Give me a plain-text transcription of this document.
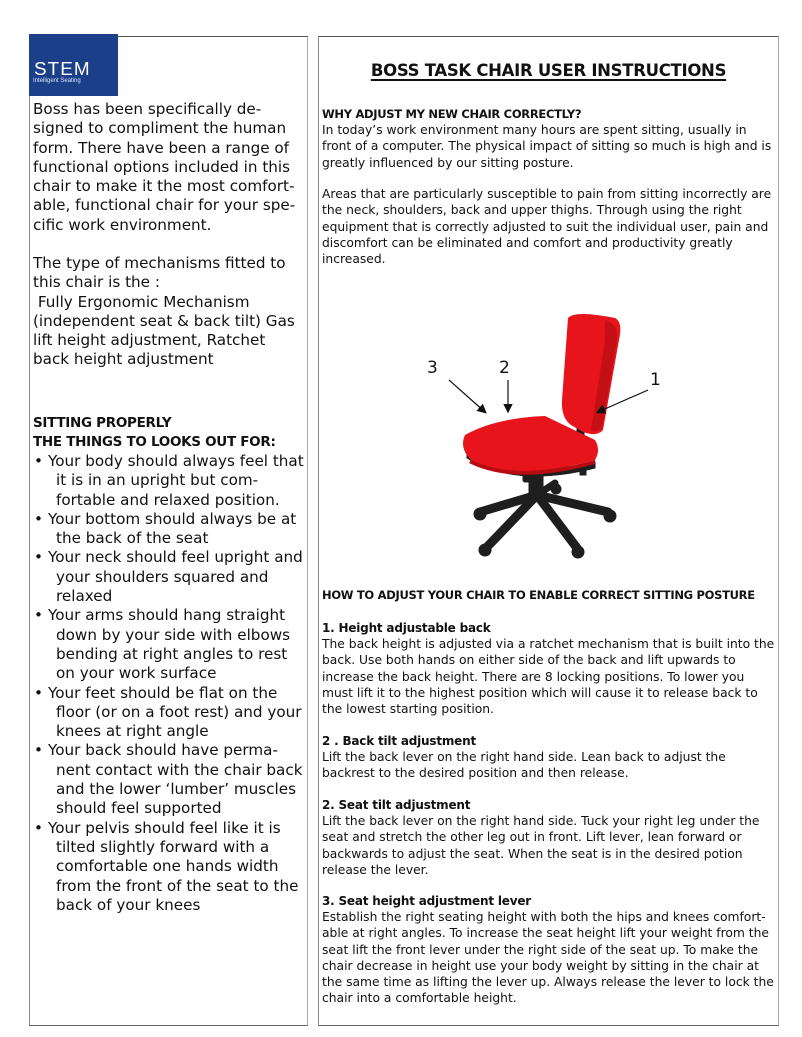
STEM
Intelligent Seating
Boss has been specifically de- signed to compliment the human form. There have been a range of functional options included in this chair to make it the most comfort- able, functional chair for your spe- cific work environment.

The type of mechanisms fitted to this chair is the :

Fully Ergonomic Mechanism (independent seat & back tilt) Gas lift height adjustment, Ratchet back height adjustment

SITTING PROPERLY
THE THINGS TO LOOKS OUT FOR:
• Your body should always feel that it is in an upright but com- fortable and relaxed position.
• Your bottom should always be at the back of the seat
• Your neck should feel upright and your shoulders squared and relaxed
• Your arms should hang straight down by your side with elbows bending at right angles to rest on your work surface
• Your feet should be flat on the floor (or on a foot rest) and your knees at right angle
• Your back should have perma- nent contact with the chair back and the lower ‘lumber’ muscles should feel supported
• Your pelvis should feel like it is tilted slightly forward with a comfortable one hands width from the front of the seat to the back of your knees
BOSS TASK CHAIR USER INSTRUCTIONS
WHY ADJUST MY NEW CHAIR CORRECTLY?

In today’s work environment many hours are spent sitting, usually in front of a computer. The physical impact of sitting so much is high and is greatly influenced by our sitting posture.

Areas that are particularly susceptible to pain from sitting incorrectly are the neck, shoulders, back and upper thighs. Through using the right equipment that is correctly adjusted to suit the individual user, pain and discomfort can be eliminated and comfort and productivity greatly increased.

3	2
1
HOW TO ADJUST YOUR CHAIR TO ENABLE CORRECT SITTING POSTURE
1. Height adjustable back

The back height is adjusted via a ratchet mechanism that is built into the back. Use both hands on either side of the back and lift upwards to increase the back height. There are 8 locking positions. To lower you must lift it to the highest position which will cause it to release back to the lowest starting position.

2 . Back tilt adjustment

Lift the back lever on the right hand side. Lean back to adjust the backrest to the desired position and then release.

2. Seat tilt adjustment

Lift the back lever on the right hand side. Tuck your right leg under the seat and stretch the other leg out in front. Lift lever, lean forward or backwards to adjust the seat. When the seat is in the desired potion release the lever.

3. Seat height adjustment lever

Establish the right seating height with both the hips and knees comfort- able at right angles. To increase the seat height lift your weight from the seat lift the front lever under the right side of the seat up. To make the chair decrease in height use your body weight by sitting in the chair at the same time as lifting the lever up. Always release the lever to lock the chair into a comfortable height.
